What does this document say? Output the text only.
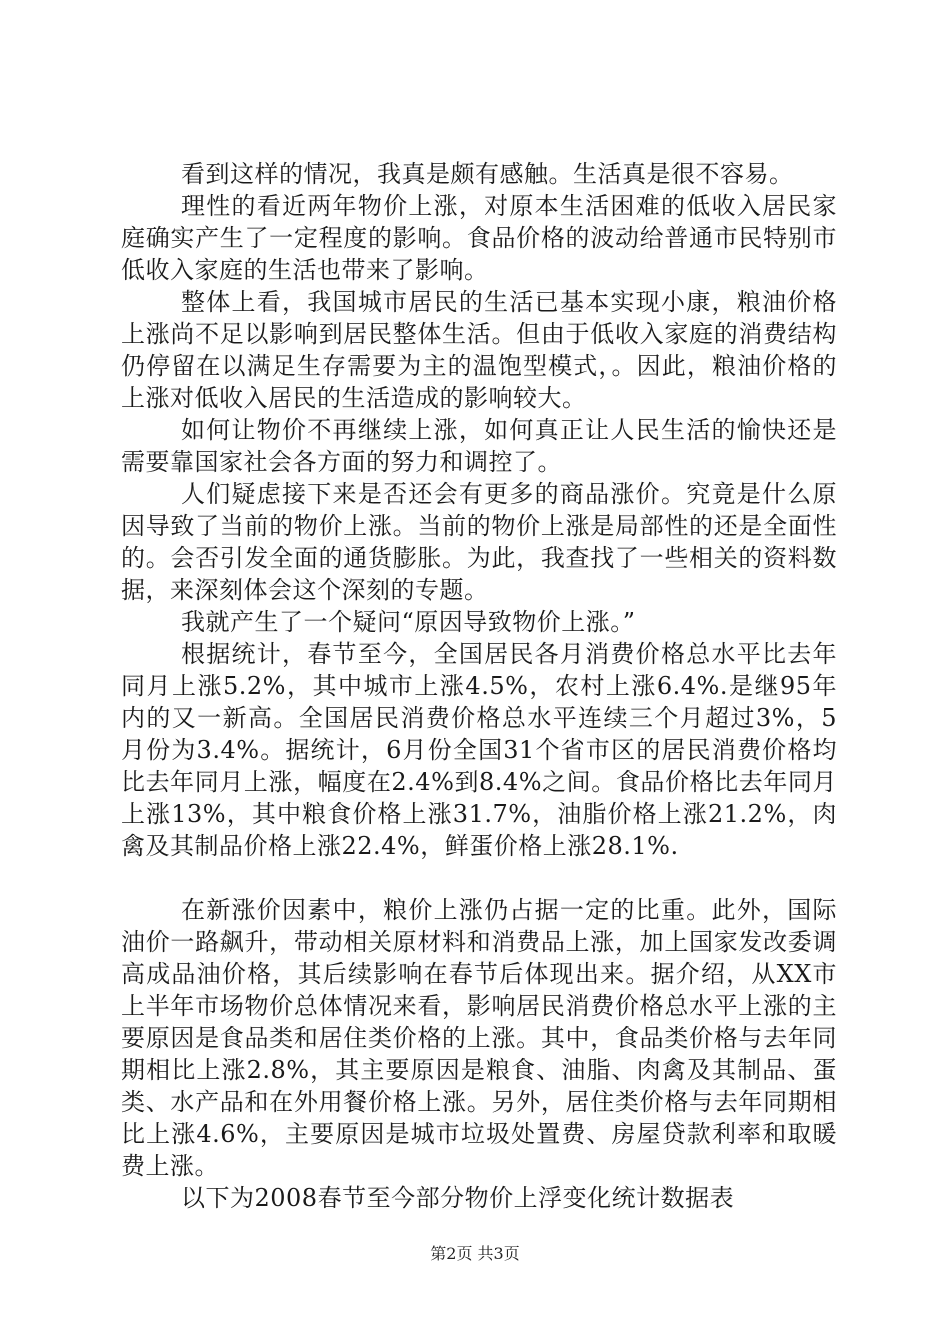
看到这样的情况，我真是颇有感触。生活真是很不容易。

理性的看近两年物价上涨，对原本生活困难的低收入居民家庭确实产生了一定程度的影响。食品价格的波动给普通市民特别市低收入家庭的生活也带来了影响。

整体上看，我国城市居民的生活已基本实现小康，粮油价格上涨尚不足以影响到居民整体生活。但由于低收入家庭的消费结构仍停留在以满足生存需要为主的温饱型模式，。因此，粮油价格的上涨对低收入居民的生活造成的影响较大。

如何让物价不再继续上涨，如何真正让人民生活的愉快还是需要靠国家社会各方面的努力和调控了。

人们疑虑接下来是否还会有更多的商品涨价。究竟是什么原因导致了当前的物价上涨。当前的物价上涨是局部性的还是全面性的。会否引发全面的通货膨胀。为此，我查找了一些相关的资料数据，来深刻体会这个深刻的专题。

我就产生了一个疑问“原因导致物价上涨。”

根据统计，春节至今，全国居民各月消费价格总水平比去年同月上涨5.2%，其中城市上涨4.5%，农村上涨6.4%.是继95年内的又一新高。全国居民消费价格总水平连续三个月超过3%，5月份为3.4%。据统计，6月份全国31个省市区的居民消费价格均比去年同月上涨，幅度在2.4%到8.4%之间。食品价格比去年同月上涨13%，其中粮食价格上涨31.7%，油脂价格上涨21.2%，肉禽及其制品价格上涨22.4%，鲜蛋价格上涨28.1%.

在新涨价因素中，粮价上涨仍占据一定的比重。此外，国际油价一路飙升，带动相关原材料和消费品上涨，加上国家发改委调高成品油价格，其后续影响在春节后体现出来。据介绍，从XX市上半年市场物价总体情况来看，影响居民消费价格总水平上涨的主要原因是食品类和居住类价格的上涨。其中，食品类价格与去年同期相比上涨2.8%，其主要原因是粮食、油脂、肉禽及其制品、蛋类、水产品和在外用餐价格上涨。另外，居住类价格与去年同期相比上涨4.6%，主要原因是城市垃圾处置费、房屋贷款利率和取暖费上涨。

以下为2008春节至今部分物价上浮变化统计数据表

第2页 共3页
